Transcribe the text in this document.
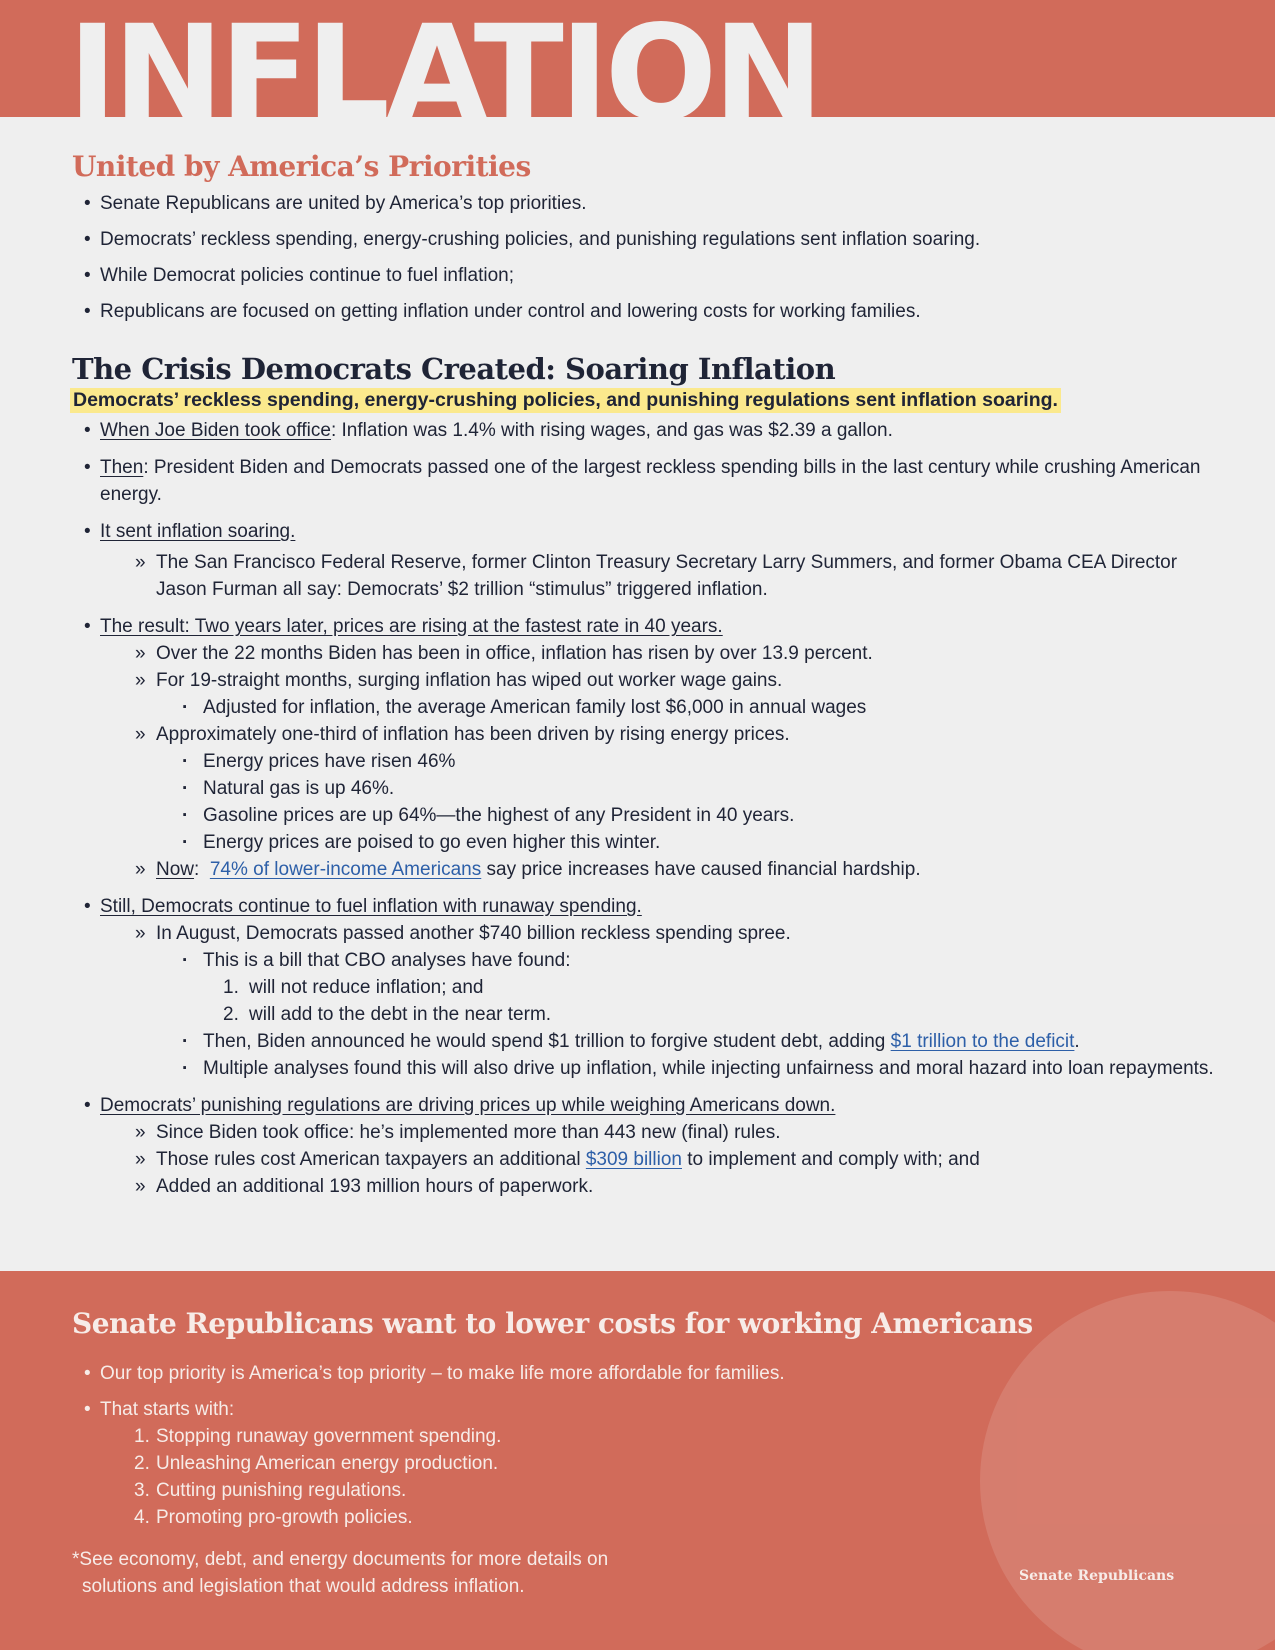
INFLATION
United by America’s Priorities
• Senate Republicans are united by America’s top priorities.
• Democrats’ reckless spending, energy-crushing policies, and punishing regulations sent inflation soaring.
• While Democrat policies continue to fuel inflation;
• Republicans are focused on getting inflation under control and lowering costs for working families.
The Crisis Democrats Created: Soaring Inflation
Democrats’ reckless spending, energy-crushing policies, and punishing regulations sent inflation soaring.
• When Joe Biden took office: Inflation was 1.4% with rising wages, and gas was $2.39 a gallon.
• Then: President Biden and Democrats passed one of the largest reckless spending bills in the last century while crushing American energy.
• It sent inflation soaring.
» The San Francisco Federal Reserve, former Clinton Treasury Secretary Larry Summers, and former Obama CEA Director Jason Furman all say: Democrats’ $2 trillion “stimulus” triggered inflation.
• The result: Two years later, prices are rising at the fastest rate in 40 years.
» Over the 22 months Biden has been in office, inflation has risen by over 13.9 percent.
» For 19-straight months, surging inflation has wiped out worker wage gains.
· Adjusted for inflation, the average American family lost $6,000 in annual wages
» Approximately one-third of inflation has been driven by rising energy prices.
· Energy prices have risen 46%
· Natural gas is up 46%.
· Gasoline prices are up 64%—the highest of any President in 40 years.
· Energy prices are poised to go even higher this winter.
» Now:  74% of lower-income Americans say price increases have caused financial hardship.
• Still, Democrats continue to fuel inflation with runaway spending.
» In August, Democrats passed another $740 billion reckless spending spree.
· This is a bill that CBO analyses have found:
1. will not reduce inflation; and
2. will add to the debt in the near term.
· Then, Biden announced he would spend $1 trillion to forgive student debt, adding $1 trillion to the deficit.
· Multiple analyses found this will also drive up inflation, while injecting unfairness and moral hazard into loan repayments.
• Democrats’ punishing regulations are driving prices up while weighing Americans down.
» Since Biden took office: he’s implemented more than 443 new (final) rules.
» Those rules cost American taxpayers an additional $309 billion to implement and comply with; and
» Added an additional 193 million hours of paperwork.
Senate Republicans want to lower costs for working Americans
• Our top priority is America’s top priority – to make life more affordable for families.
• That starts with:
1. Stopping runaway government spending.
2. Unleashing American energy production.
3. Cutting punishing regulations.
4. Promoting pro-growth policies.
*See economy, debt, and energy documents for more details on
solutions and legislation that would address inflation.	Senate Republicans
